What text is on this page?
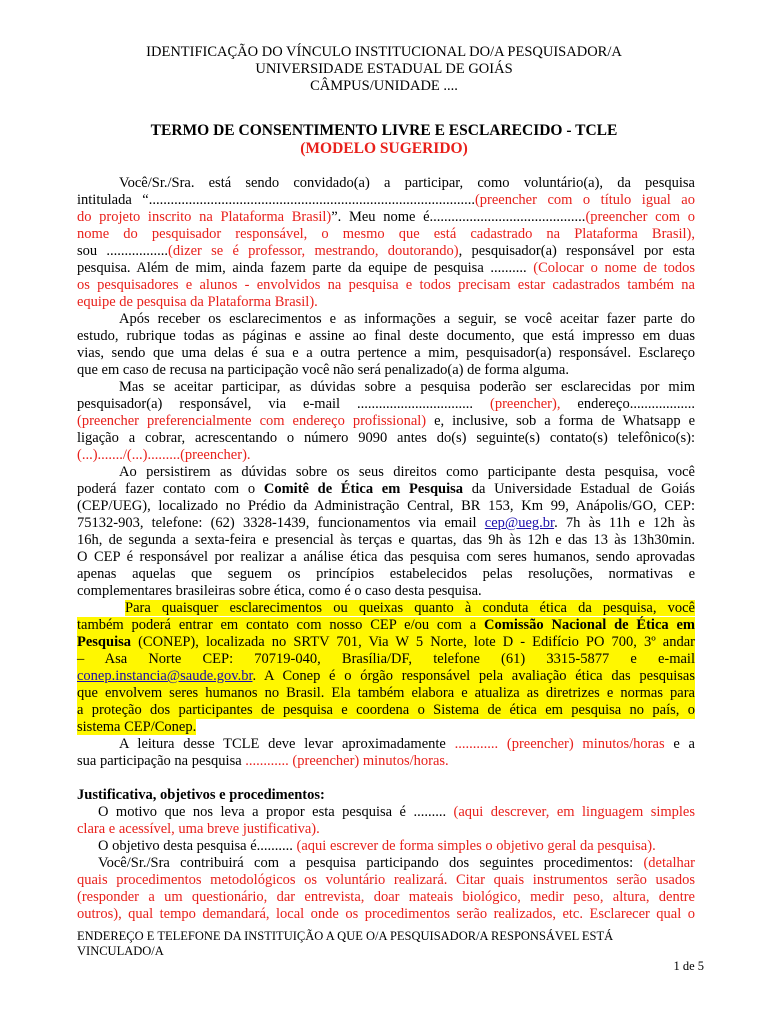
IDENTIFICAÇÃO DO VÍNCULO INSTITUCIONAL DO/A PESQUISADOR/A
UNIVERSIDADE ESTADUAL DE GOIÁS
CÂMPUS/UNIDADE ....
TERMO DE CONSENTIMENTO LIVRE E ESCLARECIDO - TCLE
(MODELO SUGERIDO)
Você/Sr./Sra. está sendo convidado(a) a participar, como voluntário(a), da pesquisa
intitulada “..........................................................................................(preencher com o título igual ao
do projeto inscrito na Plataforma Brasil)”. Meu nome é...........................................(preencher com o
nome do pesquisador responsável, o mesmo que está cadastrado na Plataforma Brasil),
sou .................(dizer se é professor, mestrando, doutorando), pesquisador(a) responsável por esta
pesquisa. Além de mim, ainda fazem parte da equipe de pesquisa .......... (Colocar o nome de todos
os pesquisadores e alunos - envolvidos na pesquisa e todos precisam estar cadastrados também na
equipe de pesquisa da Plataforma Brasil).
Após receber os esclarecimentos e as informações a seguir, se você aceitar fazer parte do
estudo, rubrique todas as páginas e assine ao final deste documento, que está impresso em duas
vias, sendo que uma delas é sua e a outra pertence a mim, pesquisador(a) responsável. Esclareço
que em caso de recusa na participação você não será penalizado(a) de forma alguma.
Mas se aceitar participar, as dúvidas sobre a pesquisa poderão ser esclarecidas por mim
pesquisador(a) responsável, via e-mail ................................ (preencher), endereço..................
(preencher preferencialmente com endereço profissional) e, inclusive, sob a forma de Whatsapp e
ligação a cobrar, acrescentando o número 9090 antes do(s) seguinte(s) contato(s) telefônico(s):
(...)......./(...).........(preencher).
Ao persistirem as dúvidas sobre os seus direitos como participante desta pesquisa, você
poderá fazer contato com o Comitê de Ética em Pesquisa da Universidade Estadual de Goiás
(CEP/UEG), localizado no Prédio da Administração Central, BR 153, Km 99, Anápolis/GO, CEP:
75132-903, telefone: (62) 3328-1439, funcionamentos via email cep@ueg.br. 7h às 11h e 12h às
16h, de segunda a sexta-feira e presencial às terças e quartas, das 9h às 12h e das 13 às 13h30min.
O CEP é responsável por realizar a análise ética das pesquisa com seres humanos, sendo aprovadas
apenas aquelas que seguem os princípios estabelecidos pelas resoluções, normativas e
complementares brasileiras sobre ética, como é o caso desta pesquisa.
Para quaisquer esclarecimentos ou queixas quanto à conduta ética da pesquisa, você
também poderá entrar em contato com nosso CEP e/ou com a Comissão Nacional de Ética em
Pesquisa (CONEP), localizada no SRTV 701, Via W 5 Norte, lote D - Edifício PO 700, 3º andar
– Asa Norte CEP: 70719-040, Brasília/DF, telefone (61) 3315-5877 e e-mail
conep.instancia@saude.gov.br. A Conep é o órgão responsável pela avaliação ética das pesquisas
que envolvem seres humanos no Brasil. Ela também elabora e atualiza as diretrizes e normas para
a proteção dos participantes de pesquisa e coordena o Sistema de ética em pesquisa no país, o
sistema CEP/Conep.
A leitura desse TCLE deve levar aproximadamente ............ (preencher) minutos/horas e a
sua participação na pesquisa ............ (preencher) minutos/horas.
Justificativa, objetivos e procedimentos:
O motivo que nos leva a propor esta pesquisa é ......... (aqui descrever, em linguagem simples
clara e acessível, uma breve justificativa).
O objetivo desta pesquisa é.......... (aqui escrever de forma simples o objetivo geral da pesquisa).
Você/Sr./Sra contribuirá com a pesquisa participando dos seguintes procedimentos: (detalhar
quais procedimentos metodológicos os voluntário realizará. Citar quais instrumentos serão usados
(responder a um questionário, dar entrevista, doar mateais biológico, medir peso, altura, dentre
outros), qual tempo demandará, local onde os procedimentos serão realizados, etc. Esclarecer qual o
ENDEREÇO E TELEFONE DA INSTITUIÇÃO A QUE O/A PESQUISADOR/A RESPONSÁVEL ESTÁ
VINCULADO/A
1 de 5
